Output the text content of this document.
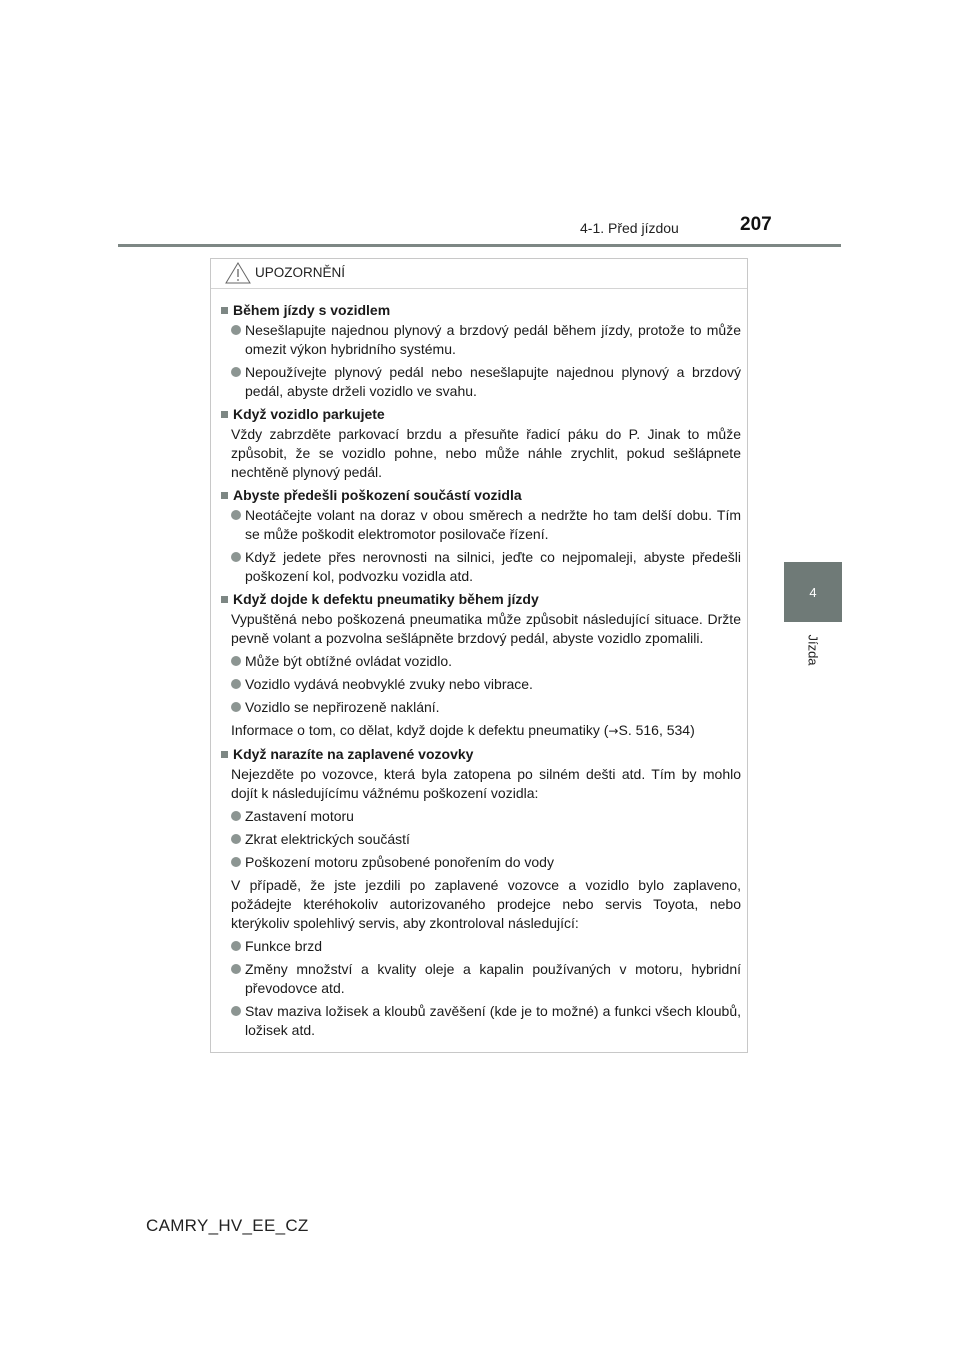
4-1. Před jízdou	207
4
Jízda
UPOZORNĚNÍ
Během jízdy s vozidlem
Nesešlapujte najednou plynový a brzdový pedál během jízdy, protože to může omezit výkon hybridního systému.
Nepoužívejte plynový pedál nebo nesešlapujte najednou plynový a brzdový pedál, abyste drželi vozidlo ve svahu.
Když vozidlo parkujete
Vždy zabrzděte parkovací brzdu a přesuňte řadicí páku do P. Jinak to může způsobit, že se vozidlo pohne, nebo může náhle zrychlit, pokud sešlápnete nechtěně plynový pedál.
Abyste předešli poškození součástí vozidla
Neotáčejte volant na doraz v obou směrech a nedržte ho tam delší dobu. Tím se může poškodit elektromotor posilovače řízení.
Když jedete přes nerovnosti na silnici, jeďte co nejpomaleji, abyste předešli poškození kol, podvozku vozidla atd.
Když dojde k defektu pneumatiky během jízdy
Vypuštěná nebo poškozená pneumatika může způsobit následující situace. Držte pevně volant a pozvolna sešlápněte brzdový pedál, abyste vozidlo zpomalili.
Může být obtížné ovládat vozidlo.
Vozidlo vydává neobvyklé zvuky nebo vibrace.
Vozidlo se nepřirozeně naklání.
Informace o tom, co dělat, když dojde k defektu pneumatiky (→S. 516, 534)
Když narazíte na zaplavené vozovky
Nejezděte po vozovce, která byla zatopena po silném dešti atd. Tím by mohlo dojít k následujícímu vážnému poškození vozidla:
Zastavení motoru
Zkrat elektrických součástí
Poškození motoru způsobené ponořením do vody
V případě, že jste jezdili po zaplavené vozovce a vozidlo bylo zaplaveno, požádejte kteréhokoliv autorizovaného prodejce nebo servis Toyota, nebo kterýkoliv spolehlivý servis, aby zkontroloval následující:
Funkce brzd
Změny množství a kvality oleje a kapalin používaných v motoru, hybridní převodovce atd.
Stav maziva ložisek a kloubů zavěšení (kde je to možné) a funkci všech kloubů, ložisek atd.
CAMRY_HV_EE_CZ
